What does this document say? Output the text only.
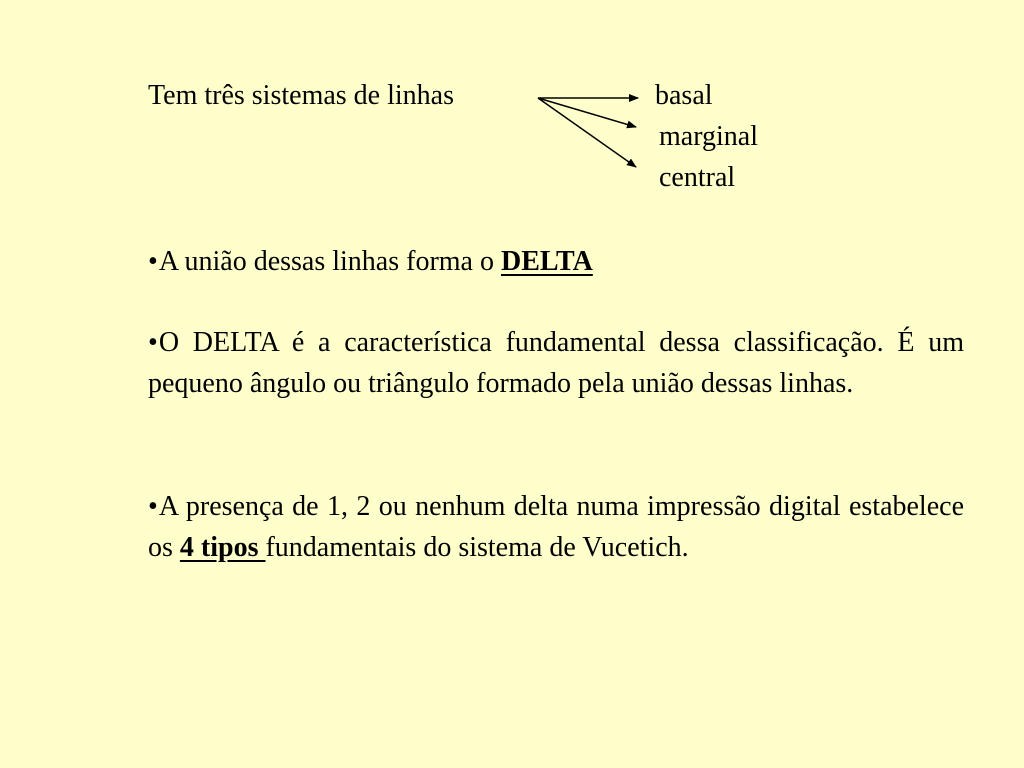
Tem três sistemas de linhas	basal
marginal
central

•A união dessas linhas forma o DELTA

•O DELTA é a característica fundamental dessa classificação. É um pequeno ângulo ou triângulo formado pela união dessas linhas.

•A presença de 1, 2 ou nenhum delta numa impressão digital estabelece os 4 tipos fundamentais do sistema de Vucetich.
